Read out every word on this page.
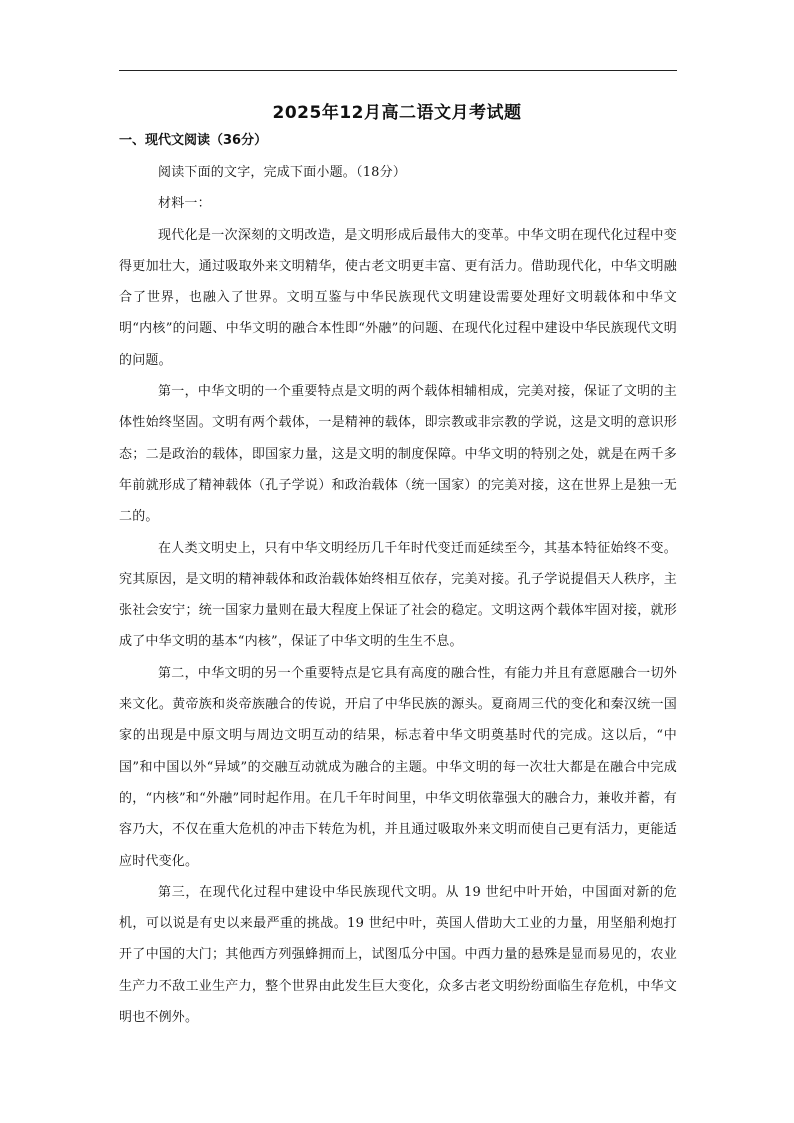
2025年12月高二语文月考试题
一、现代文阅读（36分）

阅读下面的文字，完成下面小题。（18分）

材料一：

现代化是一次深刻的文明改造，是文明形成后最伟大的变革。中华文明在现代化过程中变得更加壮大，通过吸取外来文明精华，使古老文明更丰富、更有活力。借助现代化，中华文明融合了世界，也融入了世界。文明互鉴与中华民族现代文明建设需要处理好文明载体和中华文明“内核”的问题、中华文明的融合本性即“外融”的问题、在现代化过程中建设中华民族现代文明的问题。

第一，中华文明的一个重要特点是文明的两个载体相辅相成，完美对接，保证了文明的主体性始终坚固。文明有两个载体，一是精神的载体，即宗教或非宗教的学说，这是文明的意识形态；二是政治的载体，即国家力量，这是文明的制度保障。中华文明的特别之处，就是在两千多年前就形成了精神载体（孔子学说）和政治载体（统一国家）的完美对接，这在世界上是独一无二的。

在人类文明史上，只有中华文明经历几千年时代变迁而延续至今，其基本特征始终不变。究其原因，是文明的精神载体和政治载体始终相互依存，完美对接。孔子学说提倡天人秩序，主张社会安宁；统一国家力量则在最大程度上保证了社会的稳定。文明这两个载体牢固对接，就形成了中华文明的基本“内核”，保证了中华文明的生生不息。

第二，中华文明的另一个重要特点是它具有高度的融合性，有能力并且有意愿融合一切外来文化。黄帝族和炎帝族融合的传说，开启了中华民族的源头。夏商周三代的变化和秦汉统一国家的出现是中原文明与周边文明互动的结果，标志着中华文明奠基时代的完成。这以后，“中国”和中国以外“异域”的交融互动就成为融合的主题。中华文明的每一次壮大都是在融合中完成的，“内核”和“外融”同时起作用。在几千年时间里，中华文明依靠强大的融合力，兼收并蓄，有容乃大，不仅在重大危机的冲击下转危为机，并且通过吸取外来文明而使自己更有活力，更能适应时代变化。

第三，在现代化过程中建设中华民族现代文明。从 19 世纪中叶开始，中国面对新的危机，可以说是有史以来最严重的挑战。19 世纪中叶，英国人借助大工业的力量，用坚船利炮打开了中国的大门；其他西方列强蜂拥而上，试图瓜分中国。中西力量的悬殊是显而易见的，农业生产力不敌工业生产力，整个世界由此发生巨大变化，众多古老文明纷纷面临生存危机，中华文明也不例外。
